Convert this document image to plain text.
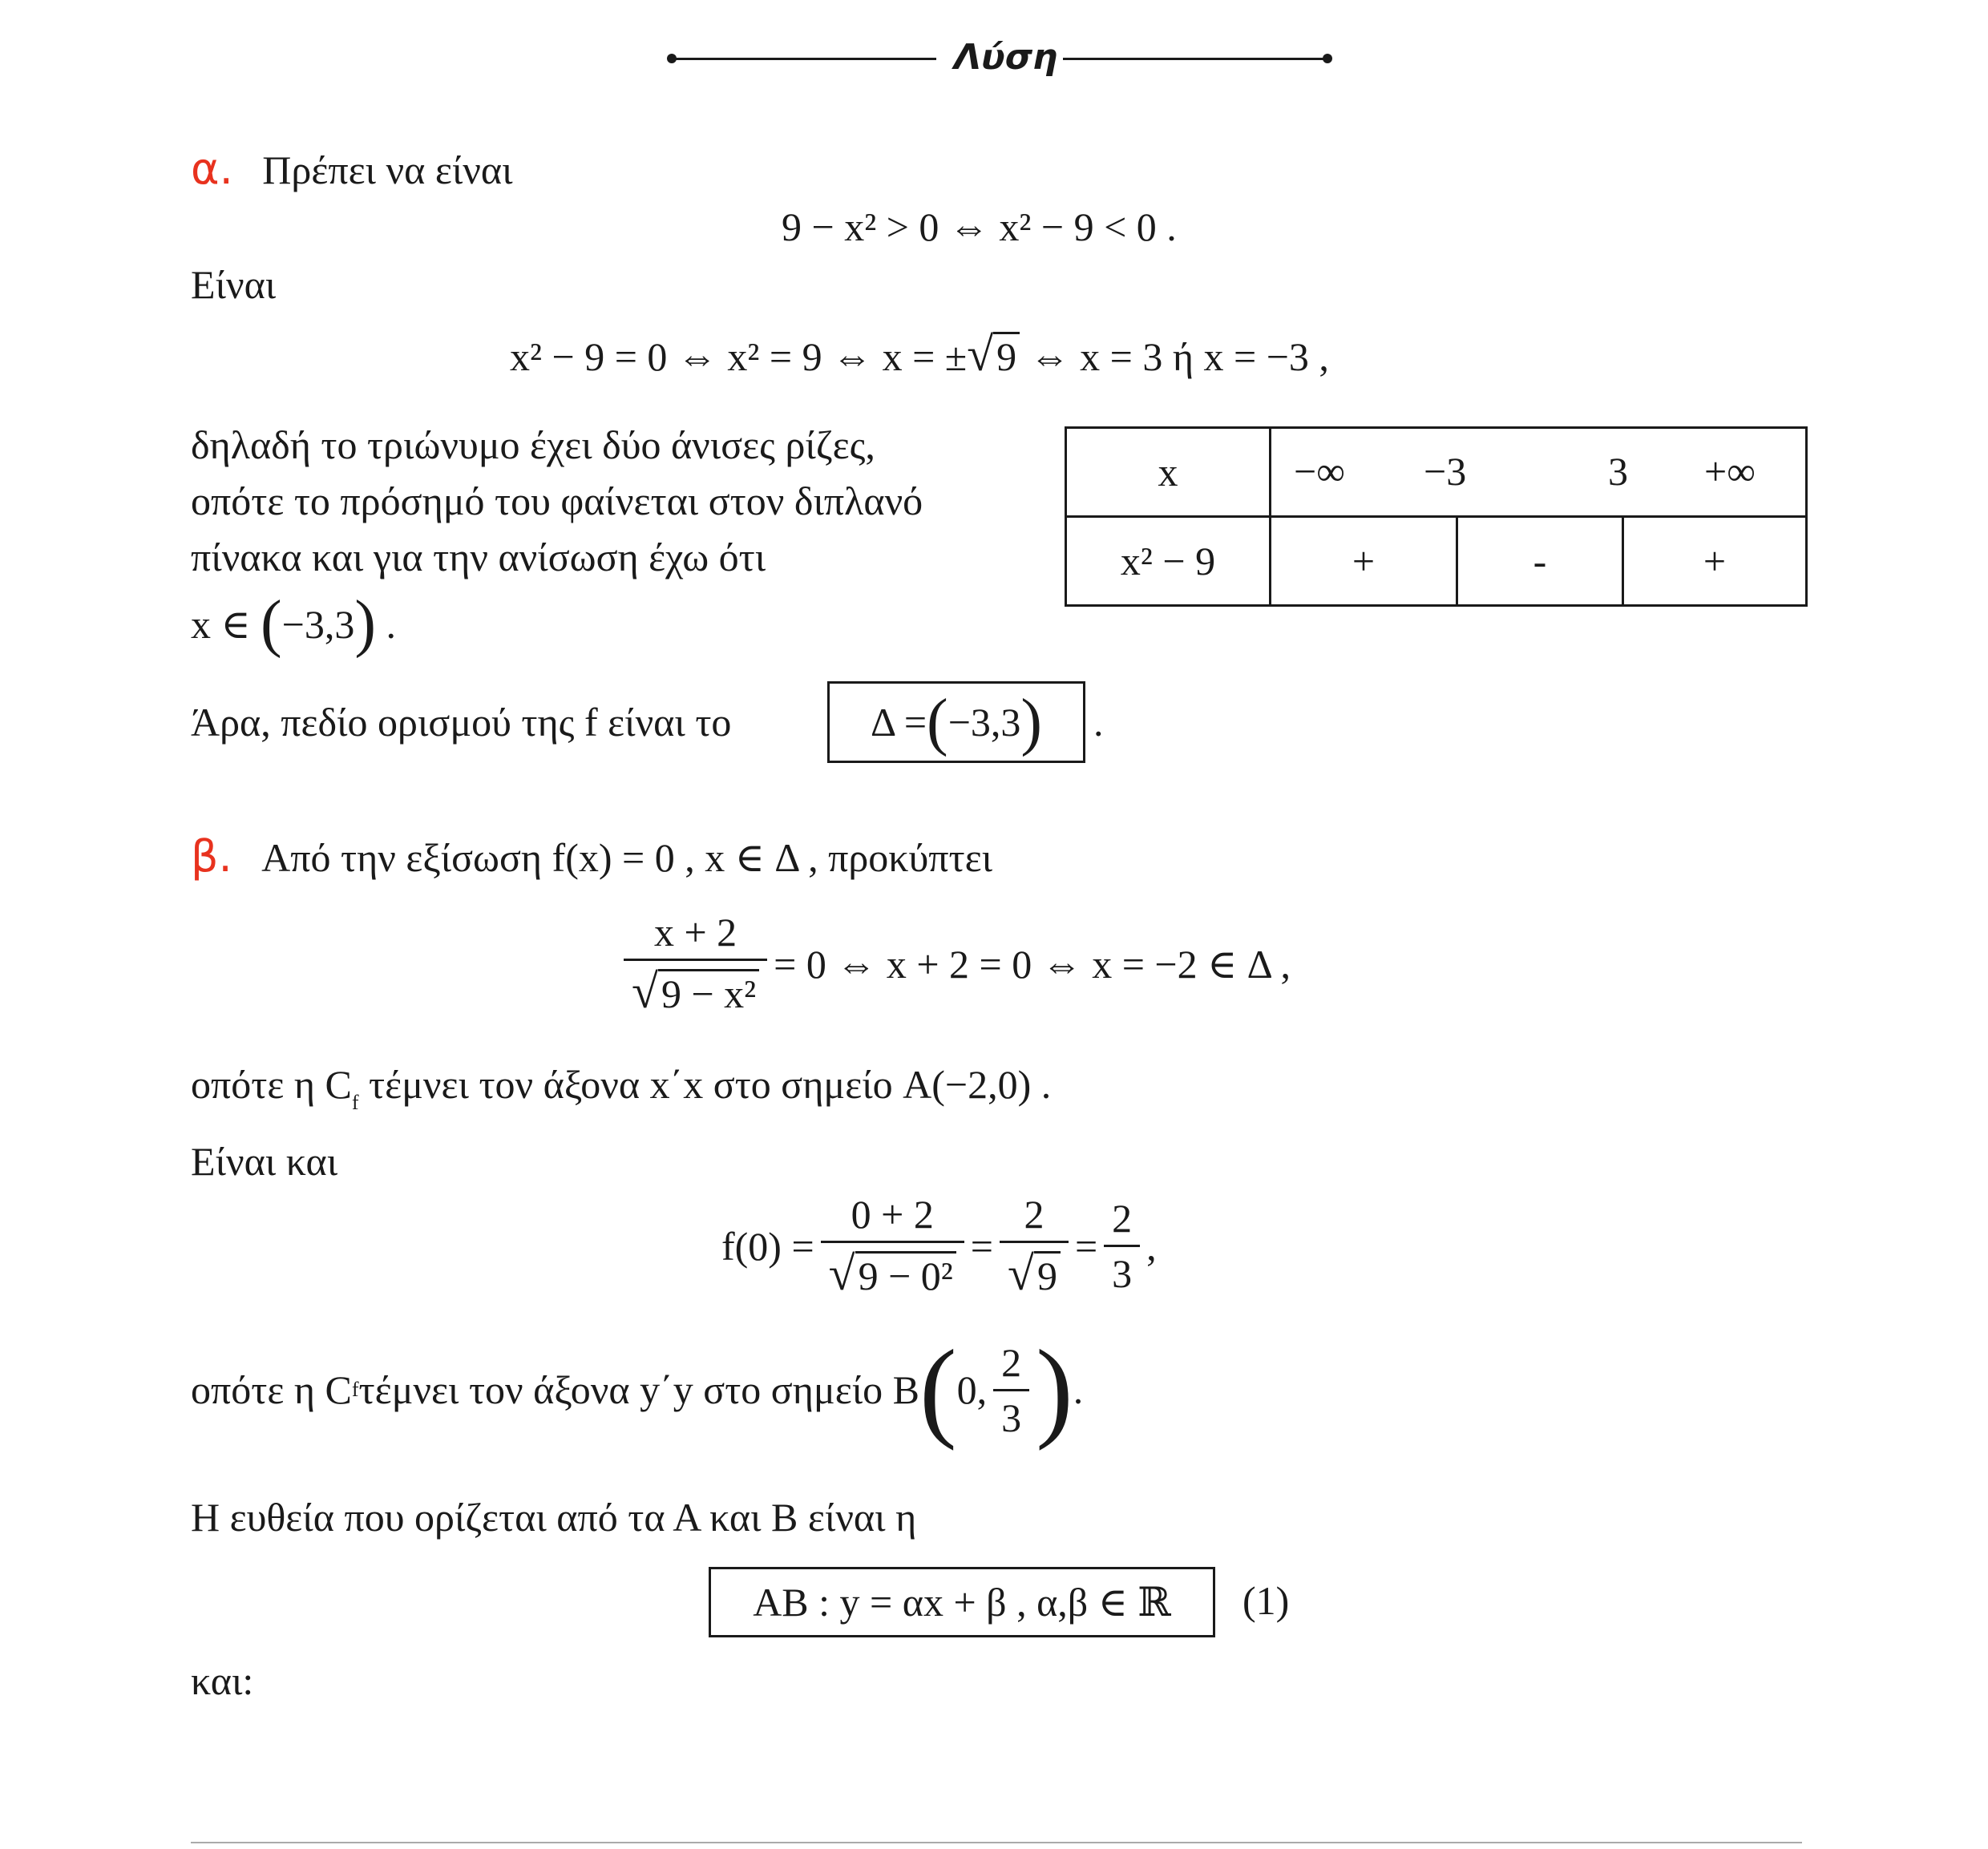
Λύση
α. Πρέπει να είναι
9 − x² > 0 ⇔ x² − 9 < 0 .
Είναι
x² − 9 = 0 ⇔ x² = 9 ⇔ x = ±√9 ⇔ x = 3 ή x = −3 ,
δηλαδή το τριώνυμο έχει δύο άνισες ρίζες,
οπότε το πρόσημό του φαίνεται στον διπλανό
πίνακα και για την ανίσωση έχω ότι
x ∈ (−3,3) .
x	−∞ −3 3 +∞		

x² − 9	+	-	+
Άρα, πεδίο ορισμού της f είναι το	Δ = ( −3,3 ) .
β. Από την εξίσωση f(x) = 0 , x ∈ Δ , προκύπτει
$\frac{x + 2}{\text{√9 − x²}} = 0$ ⇔ x + 2 = 0 ⇔ x = −2 ∈ Δ ,
οπότε η $C_f$ τέμνει τον άξονα x΄x στο σημείο A(−2,0) .
Είναι και
$f(0) = \frac{0 + 2}{\text{√9 − 0²}} = \frac{2}{√9} = \frac{2}{3}$ ,
οπότε η C f τέμνει τον άξονα y΄y στο σημείο B ( 0, $\frac{2}{3}$ ) .
Η ευθεία που ορίζεται από τα Α και Β είναι η
AB : y = αx + β , α,β ∈ ℝ	(1)
και:
